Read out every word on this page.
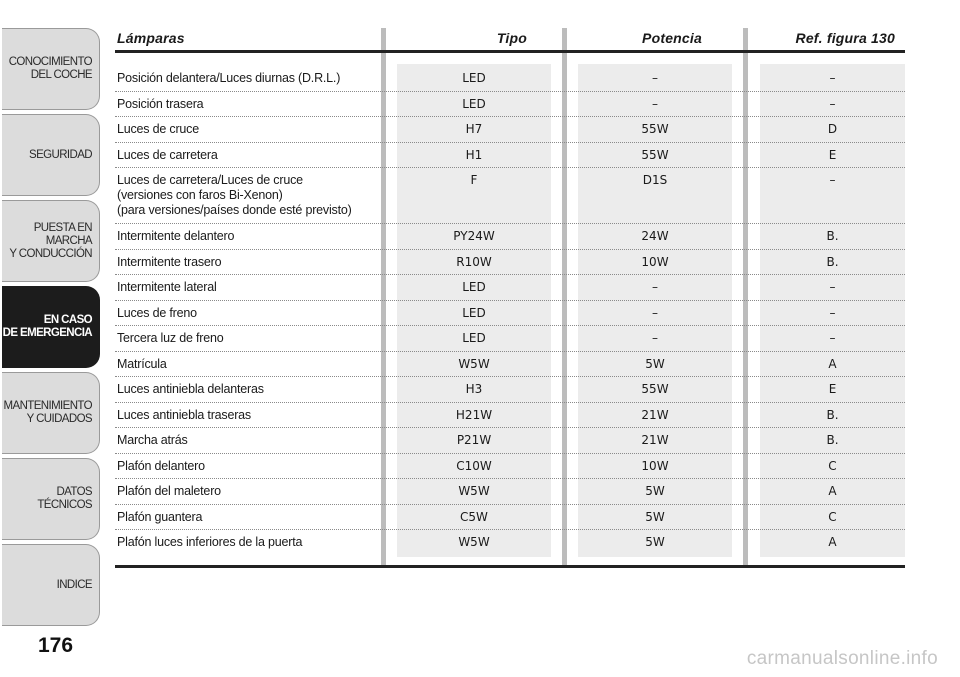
CONOCIMIENTO
DEL COCHE
SEGURIDAD
PUESTA EN MARCHA
Y CONDUCCIÓN
EN CASO
DE EMERGENCIA
MANTENIMIENTO
Y CUIDADOS
DATOS TÉCNICOS
INDICE
176
Lámparas	Tipo	Potencia	Ref. figura 130
Posición delantera/Luces diurnas (D.R.L.)	LED	–	–
Posición trasera	LED	–	–
Luces de cruce	H7	55W	D
Luces de carretera	H1	55W	E
Luces de carretera/Luces de cruce
(versiones con faros Bi-Xenon)
(para versiones/países donde esté previsto)
F	D1S	–
Intermitente delantero	PY24W	24W	B.
Intermitente trasero	R10W	10W	B.
Intermitente lateral	LED	–	–
Luces de freno	LED	–	–
Tercera luz de freno	LED	–	–
Matrícula	W5W	5W	A
Luces antiniebla delanteras	H3	55W	E
Luces antiniebla traseras	H21W	21W	B.
Marcha atrás	P21W	21W	B.
Plafón delantero	C10W	10W	C
Plafón del maletero	W5W	5W	A
Plafón guantera	C5W	5W	C
Plafón luces inferiores de la puerta	W5W	5W	A
carmanualsonline.info
